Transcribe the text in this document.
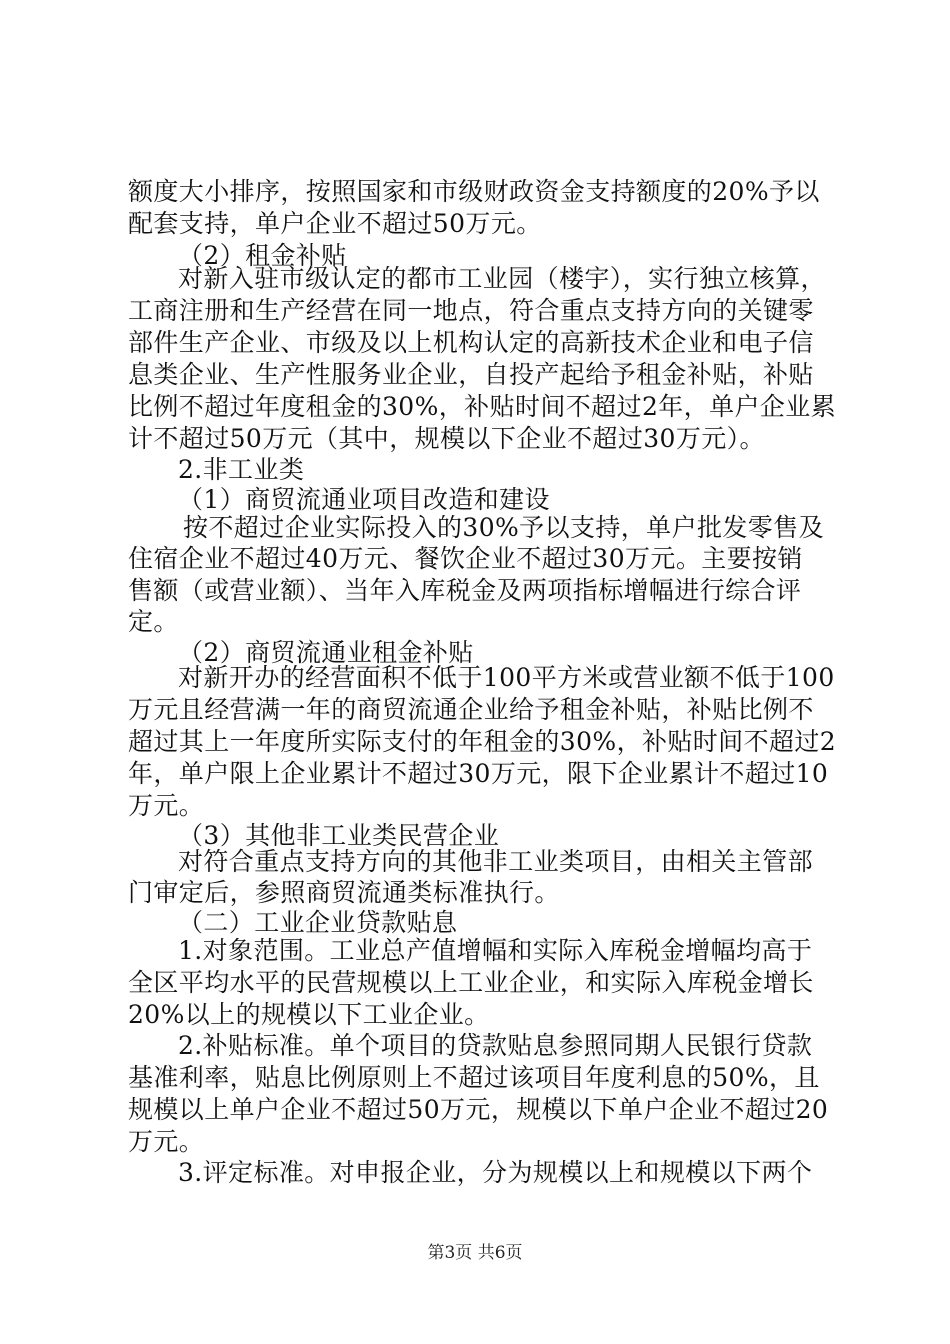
额度大小排序，按照国家和市级财政资金支持额度的20%予以
配套支持，单户企业不超过50万元。
（2）租金补贴
对新入驻市级认定的都市工业园（楼宇），实行独立核算，
工商注册和生产经营在同一地点，符合重点支持方向的关键零
部件生产企业、市级及以上机构认定的高新技术企业和电子信
息类企业、生产性服务业企业，自投产起给予租金补贴，补贴
比例不超过年度租金的30%，补贴时间不超过2年，单户企业累
计不超过50万元（其中，规模以下企业不超过30万元）。
2.非工业类
（1）商贸流通业项目改造和建设
按不超过企业实际投入的30%予以支持，单户批发零售及
住宿企业不超过40万元、餐饮企业不超过30万元。主要按销
售额（或营业额）、当年入库税金及两项指标增幅进行综合评
定。
（2）商贸流通业租金补贴
对新开办的经营面积不低于100平方米或营业额不低于100
万元且经营满一年的商贸流通企业给予租金补贴，补贴比例不
超过其上一年度所实际支付的年租金的30%，补贴时间不超过2
年，单户限上企业累计不超过30万元，限下企业累计不超过10
万元。
（3）其他非工业类民营企业
对符合重点支持方向的其他非工业类项目，由相关主管部
门审定后，参照商贸流通类标准执行。
（二）工业企业贷款贴息
1.对象范围。工业总产值增幅和实际入库税金增幅均高于
全区平均水平的民营规模以上工业企业，和实际入库税金增长
20%以上的规模以下工业企业。
2.补贴标准。单个项目的贷款贴息参照同期人民银行贷款
基准利率，贴息比例原则上不超过该项目年度利息的50%，且
规模以上单户企业不超过50万元，规模以下单户企业不超过20
万元。
3.评定标准。对申报企业，分为规模以上和规模以下两个
第3页 共6页
